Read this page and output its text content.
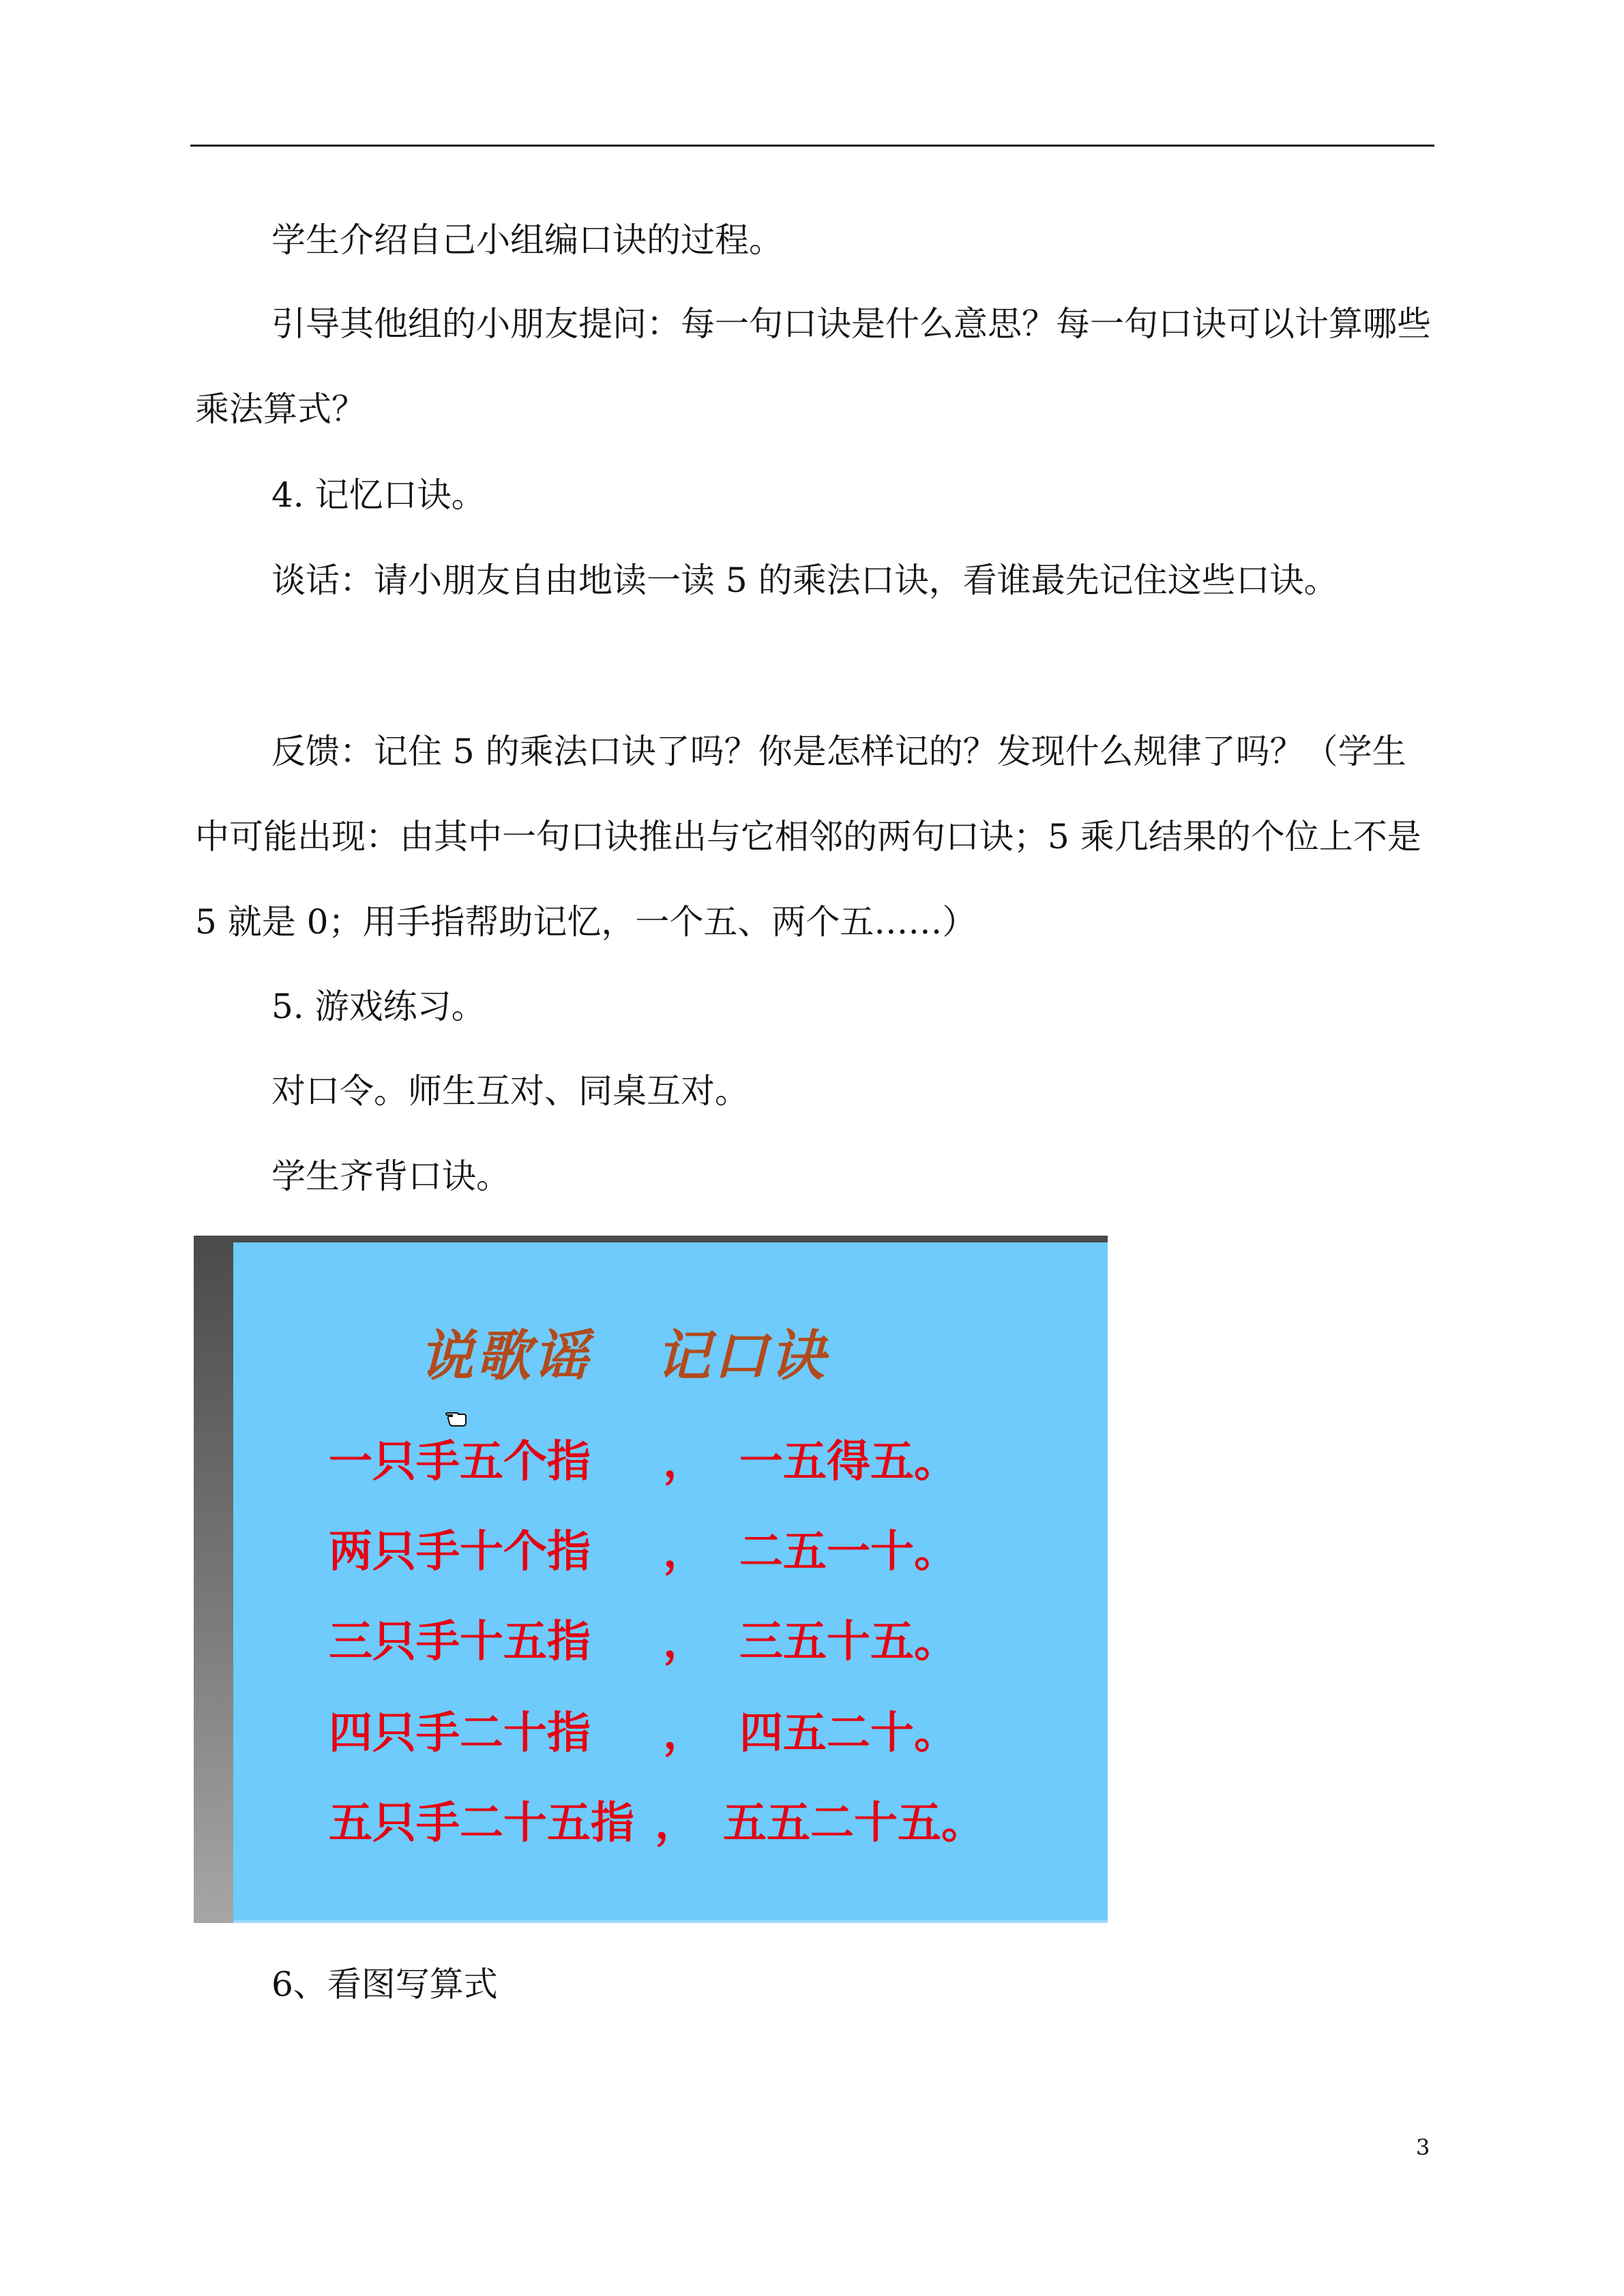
学生介绍自己小组编口诀的过程。

引导其他组的小朋友提问：每一句口诀是什么意思？每一句口诀可以计算哪些乘法算式？

4. 记忆口诀。

谈话：请小朋友自由地读一读 5 的乘法口诀，看谁最先记住这些口诀。

反馈：记住 5 的乘法口诀了吗？你是怎样记的？发现什么规律了吗？（学生中可能出现：由其中一句口诀推出与它相邻的两句口诀；5 乘几结果的个位上不是 5 就是 0；用手指帮助记忆，一个五、两个五……）

5. 游戏练习。

对口令。师生互对、同桌互对。

学生齐背口诀。

说歌谣   记口诀
一只手五个指 ， 一五得五。
两只手十个指 ， 二五一十。
三只手十五指 ， 三五十五。
四只手二十指 ， 四五二十。
五只手二十五指 ， 五五二十五。

6、看图写算式

3
